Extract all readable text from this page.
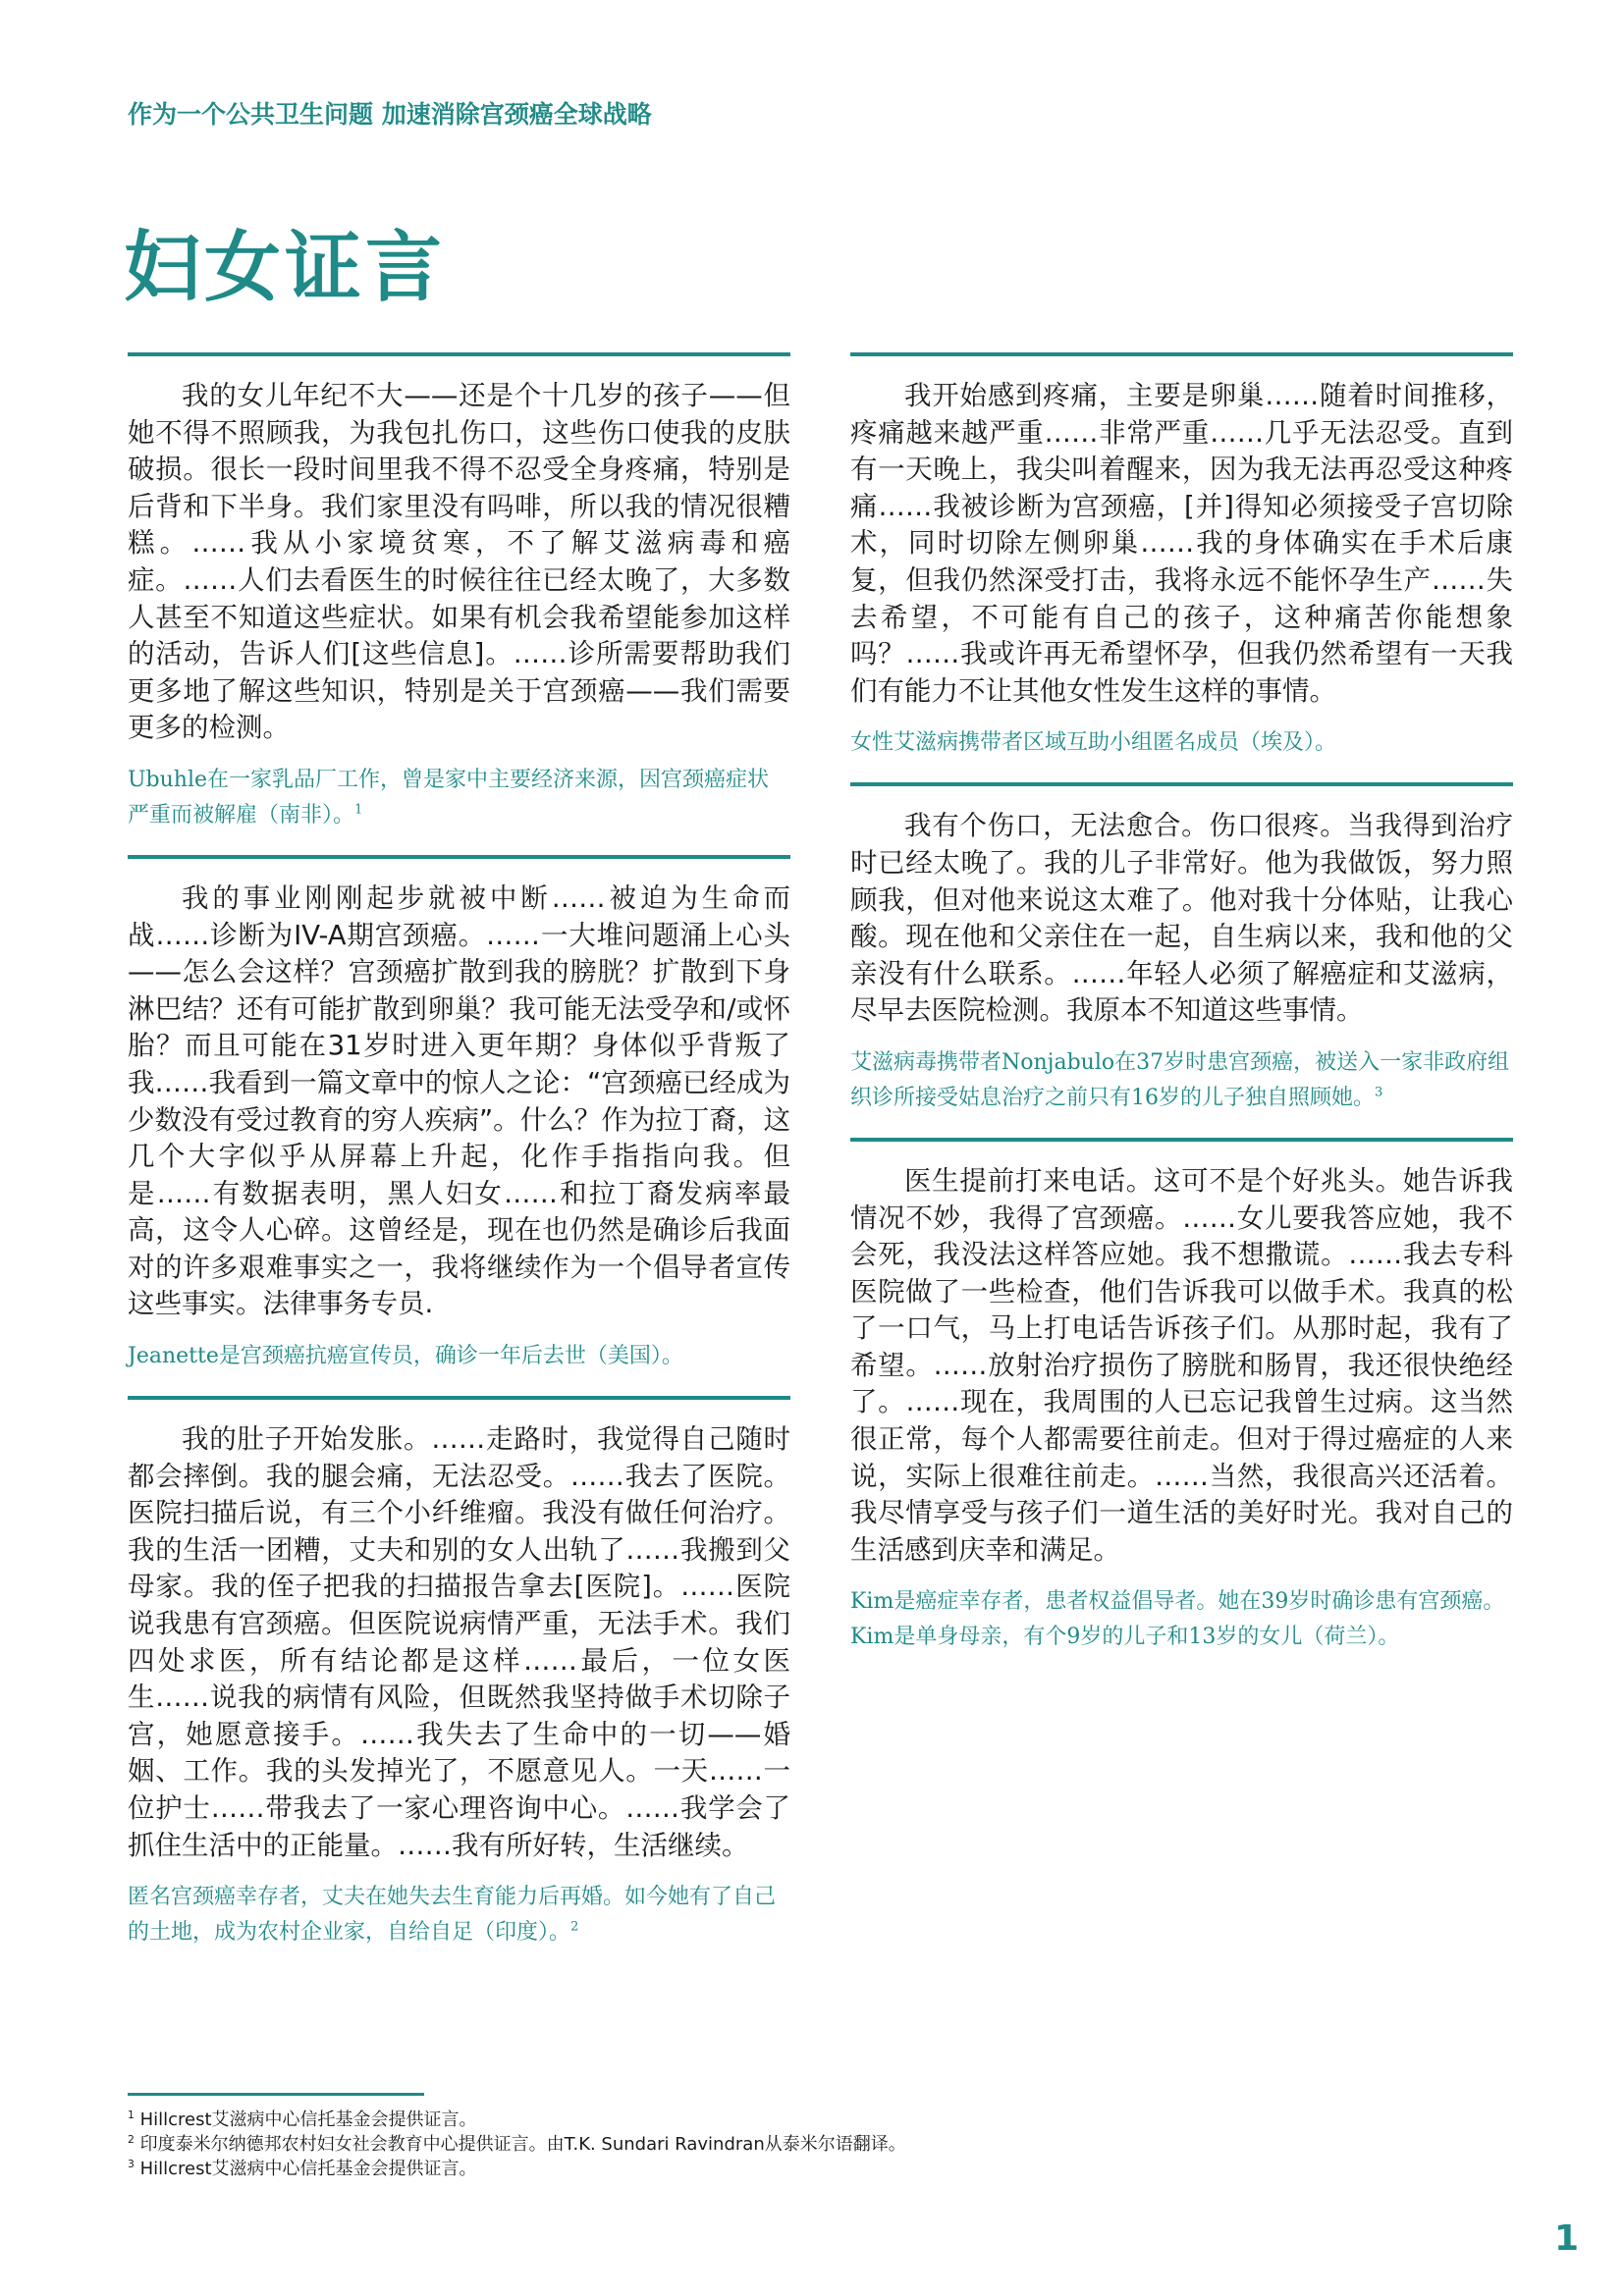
作为一个公共卫生问题 加速消除宫颈癌全球战略
妇女证言

我的女儿年纪不大——还是个十几岁的孩子——但她不得不照顾我，为我包扎伤口，这些伤口使我的皮肤破损。很长一段时间里我不得不忍受全身疼痛，特别是后背和下半身。我们家里没有吗啡，所以我的情况很糟糕。……我从小家境贫寒，不了解艾滋病毒和癌症。……人们去看医生的时候往往已经太晚了，大多数人甚至不知道这些症状。如果有机会我希望能参加这样的活动，告诉人们[这些信息]。……诊所需要帮助我们更多地了解这些知识，特别是关于宫颈癌——我们需要更多的检测。

Ubuhle在一家乳品厂工作，曾是家中主要经济来源，因宫颈癌症状严重而被解雇（南非）。$^1$

我的事业刚刚起步就被中断……被迫为生命而战……诊断为IV-A期宫颈癌。……一大堆问题涌上心头——怎么会这样？宫颈癌扩散到我的膀胱？扩散到下身淋巴结？还有可能扩散到卵巢？我可能无法受孕和/或怀胎？而且可能在31岁时进入更年期？身体似乎背叛了我……我看到一篇文章中的惊人之论：“宫颈癌已经成为少数没有受过教育的穷人疾病”。什么？作为拉丁裔，这几个大字似乎从屏幕上升起，化作手指指向我。但是……有数据表明，黑人妇女……和拉丁裔发病率最高，这令人心碎。这曾经是，现在也仍然是确诊后我面对的许多艰难事实之一，我将继续作为一个倡导者宣传这些事实。法律事务专员.

Jeanette是宫颈癌抗癌宣传员，确诊一年后去世（美国）。

我的肚子开始发胀。……走路时，我觉得自己随时都会摔倒。我的腿会痛，无法忍受。……我去了医院。医院扫描后说，有三个小纤维瘤。我没有做任何治疗。我的生活一团糟，丈夫和别的女人出轨了……我搬到父母家。我的侄子把我的扫描报告拿去[医院]。……医院说我患有宫颈癌。但医院说病情严重，无法手术。我们四处求医，所有结论都是这样……最后，一位女医生……说我的病情有风险，但既然我坚持做手术切除子宫，她愿意接手。……我失去了生命中的一切——婚姻、工作。我的头发掉光了，不愿意见人。一天……一位护士……带我去了一家心理咨询中心。……我学会了抓住生活中的正能量。……我有所好转，生活继续。

匿名宫颈癌幸存者，丈夫在她失去生育能力后再婚。如今她有了自己的土地，成为农村企业家，自给自足（印度）。$^2$

我开始感到疼痛，主要是卵巢……随着时间推移，疼痛越来越严重……非常严重……几乎无法忍受。直到有一天晚上，我尖叫着醒来，因为我无法再忍受这种疼痛……我被诊断为宫颈癌，[并]得知必须接受子宫切除术，同时切除左侧卵巢……我的身体确实在手术后康复，但我仍然深受打击，我将永远不能怀孕生产……失去希望，不可能有自己的孩子，这种痛苦你能想象吗？……我或许再无希望怀孕，但我仍然希望有一天我们有能力不让其他女性发生这样的事情。

女性艾滋病携带者区域互助小组匿名成员（埃及）。

我有个伤口，无法愈合。伤口很疼。当我得到治疗时已经太晚了。我的儿子非常好。他为我做饭，努力照顾我，但对他来说这太难了。他对我十分体贴，让我心酸。现在他和父亲住在一起，自生病以来，我和他的父亲没有什么联系。……年轻人必须了解癌症和艾滋病，尽早去医院检测。我原本不知道这些事情。

艾滋病毒携带者Nonjabulo在37岁时患宫颈癌，被送入一家非政府组织诊所接受姑息治疗之前只有16岁的儿子独自照顾她。$^3$

医生提前打来电话。这可不是个好兆头。她告诉我情况不妙，我得了宫颈癌。……女儿要我答应她，我不会死，我没法这样答应她。我不想撒谎。……我去专科医院做了一些检查，他们告诉我可以做手术。我真的松了一口气，马上打电话告诉孩子们。从那时起，我有了希望。……放射治疗损伤了膀胱和肠胃，我还很快绝经了。……现在，我周围的人已忘记我曾生过病。这当然很正常，每个人都需要往前走。但对于得过癌症的人来说，实际上很难往前走。……当然，我很高兴还活着。我尽情享受与孩子们一道生活的美好时光。我对自己的生活感到庆幸和满足。

Kim是癌症幸存者，患者权益倡导者。她在39岁时确诊患有宫颈癌。Kim是单身母亲，有个9岁的儿子和13岁的女儿（荷兰）。

$^1$ Hillcrest艾滋病中心信托基金会提供证言。
$^2$ 印度泰米尔纳德邦农村妇女社会教育中心提供证言。由T.K. Sundari Ravindran从泰米尔语翻译。
$^3$ Hillcrest艾滋病中心信托基金会提供证言。
1
